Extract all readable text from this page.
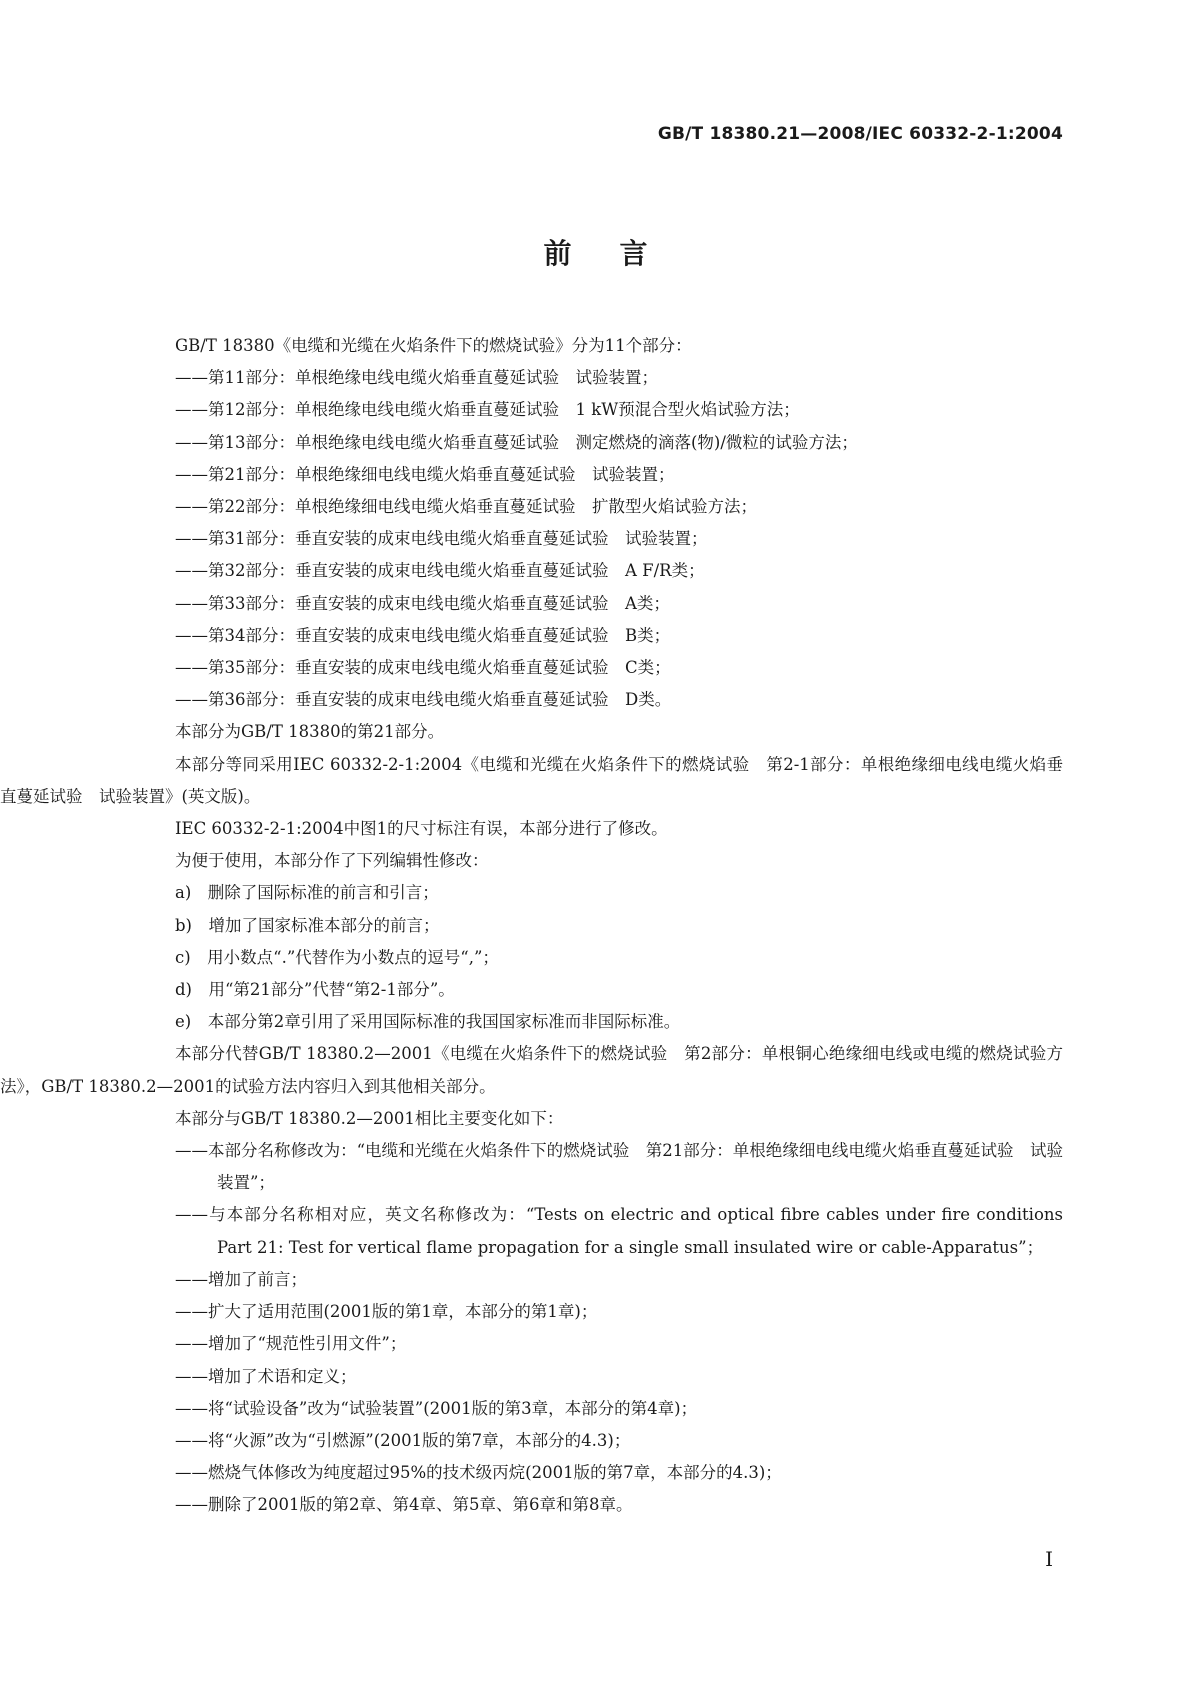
GB/T 18380.21—2008/IEC 60332-2-1:2004
前言

GB/T 18380《电缆和光缆在火焰条件下的燃烧试验》分为11个部分：

——第11部分：单根绝缘电线电缆火焰垂直蔓延试验　试验装置；

——第12部分：单根绝缘电线电缆火焰垂直蔓延试验　1 kW预混合型火焰试验方法；

——第13部分：单根绝缘电线电缆火焰垂直蔓延试验　测定燃烧的滴落(物)/微粒的试验方法；

——第21部分：单根绝缘细电线电缆火焰垂直蔓延试验　试验装置；

——第22部分：单根绝缘细电线电缆火焰垂直蔓延试验　扩散型火焰试验方法；

——第31部分：垂直安装的成束电线电缆火焰垂直蔓延试验　试验装置；

——第32部分：垂直安装的成束电线电缆火焰垂直蔓延试验　A F/R类；

——第33部分：垂直安装的成束电线电缆火焰垂直蔓延试验　A类；

——第34部分：垂直安装的成束电线电缆火焰垂直蔓延试验　B类；

——第35部分：垂直安装的成束电线电缆火焰垂直蔓延试验　C类；

——第36部分：垂直安装的成束电线电缆火焰垂直蔓延试验　D类。

本部分为GB/T 18380的第21部分。

本部分等同采用IEC 60332-2-1:2004《电缆和光缆在火焰条件下的燃烧试验　第2-1部分：单根绝缘细电线电缆火焰垂直蔓延试验　试验装置》(英文版)。

IEC 60332-2-1:2004中图1的尺寸标注有误，本部分进行了修改。

为便于使用，本部分作了下列编辑性修改：

a)　删除了国际标准的前言和引言；

b)　增加了国家标准本部分的前言；

c)　用小数点“.”代替作为小数点的逗号“,”；

d)　用“第21部分”代替“第2-1部分”。

e)　本部分第2章引用了采用国际标准的我国国家标准而非国际标准。

本部分代替GB/T 18380.2—2001《电缆在火焰条件下的燃烧试验　第2部分：单根铜心绝缘细电线或电缆的燃烧试验方法》，GB/T 18380.2—2001的试验方法内容归入到其他相关部分。

本部分与GB/T 18380.2—2001相比主要变化如下：

——本部分名称修改为：“电缆和光缆在火焰条件下的燃烧试验　第21部分：单根绝缘细电线电缆火焰垂直蔓延试验　试验装置”；

——与本部分名称相对应，英文名称修改为：“Tests on electric and optical fibre cables under fire conditions Part 21: Test for vertical flame propagation for a single small insulated wire or cable-Apparatus”；

——增加了前言；

——扩大了适用范围(2001版的第1章，本部分的第1章)；

——增加了“规范性引用文件”；

——增加了术语和定义；

——将“试验设备”改为“试验装置”(2001版的第3章，本部分的第4章)；

——将“火源”改为“引燃源”(2001版的第7章，本部分的4.3)；

——燃烧气体修改为纯度超过95%的技术级丙烷(2001版的第7章，本部分的4.3)；

——删除了2001版的第2章、第4章、第5章、第6章和第8章。

I
